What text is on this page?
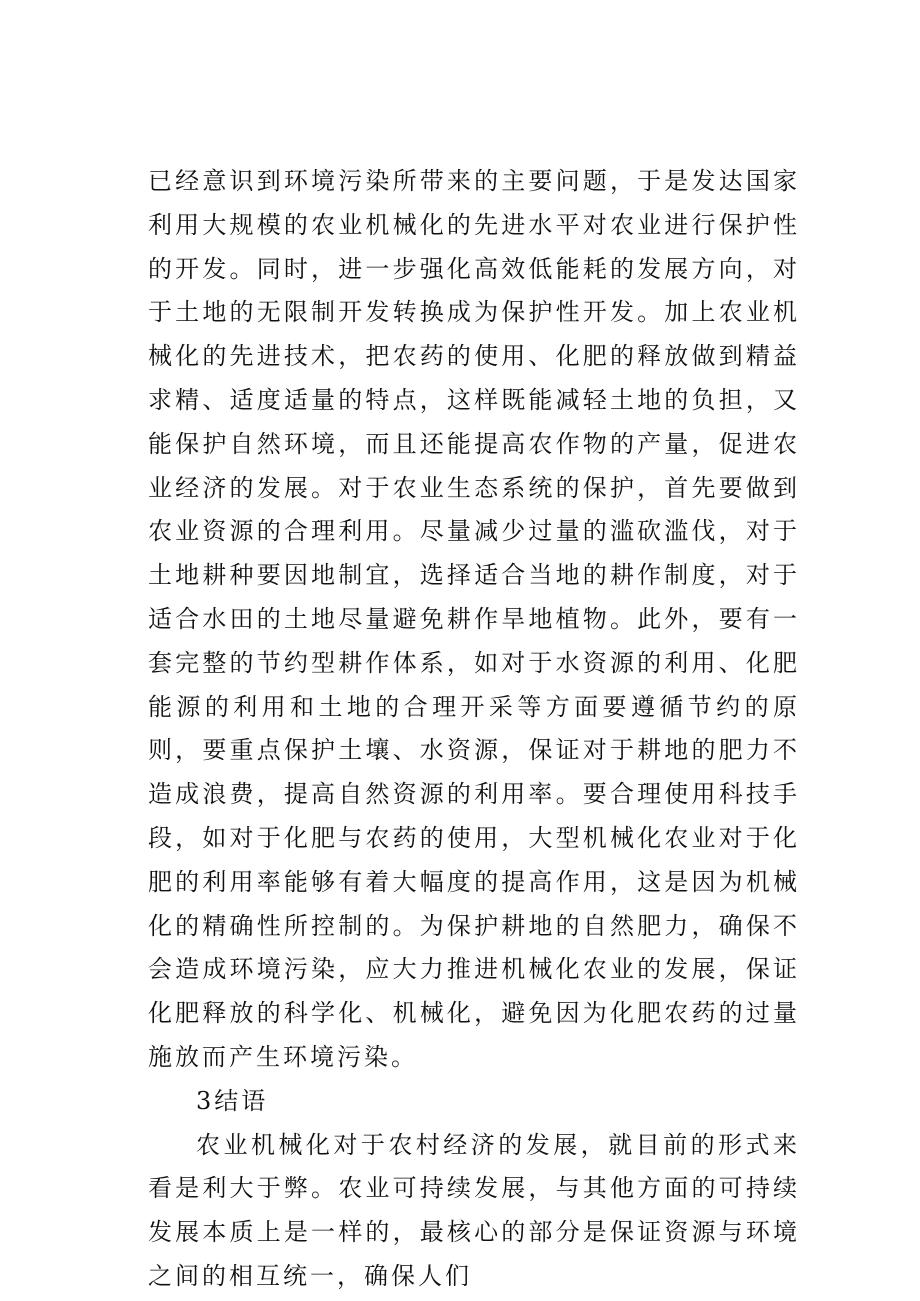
已经意识到环境污染所带来的主要问题，于是发达国家利用大规模的农业机械化的先进水平对农业进行保护性的开发。同时，进一步强化高效低能耗的发展方向，对于土地的无限制开发转换成为保护性开发。加上农业机械化的先进技术，把农药的使用、化肥的释放做到精益求精、适度适量的特点，这样既能减轻土地的负担，又能保护自然环境，而且还能提高农作物的产量，促进农业经济的发展。对于农业生态系统的保护，首先要做到农业资源的合理利用。尽量减少过量的滥砍滥伐，对于土地耕种要因地制宜，选择适合当地的耕作制度，对于适合水田的土地尽量避免耕作旱地植物。此外，要有一套完整的节约型耕作体系，如对于水资源的利用、化肥能源的利用和土地的合理开采等方面要遵循节约的原则，要重点保护土壤、水资源，保证对于耕地的肥力不造成浪费，提高自然资源的利用率。要合理使用科技手段，如对于化肥与农药的使用，大型机械化农业对于化肥的利用率能够有着大幅度的提高作用，这是因为机械化的精确性所控制的。为保护耕地的自然肥力，确保不会造成环境污染，应大力推进机械化农业的发展，保证化肥释放的科学化、机械化，避免因为化肥农药的过量施放而产生环境污染。

3结语

农业机械化对于农村经济的发展，就目前的形式来看是利大于弊。农业可持续发展，与其他方面的可持续发展本质上是一样的，最核心的部分是保证资源与环境之间的相互统一，确保人们
